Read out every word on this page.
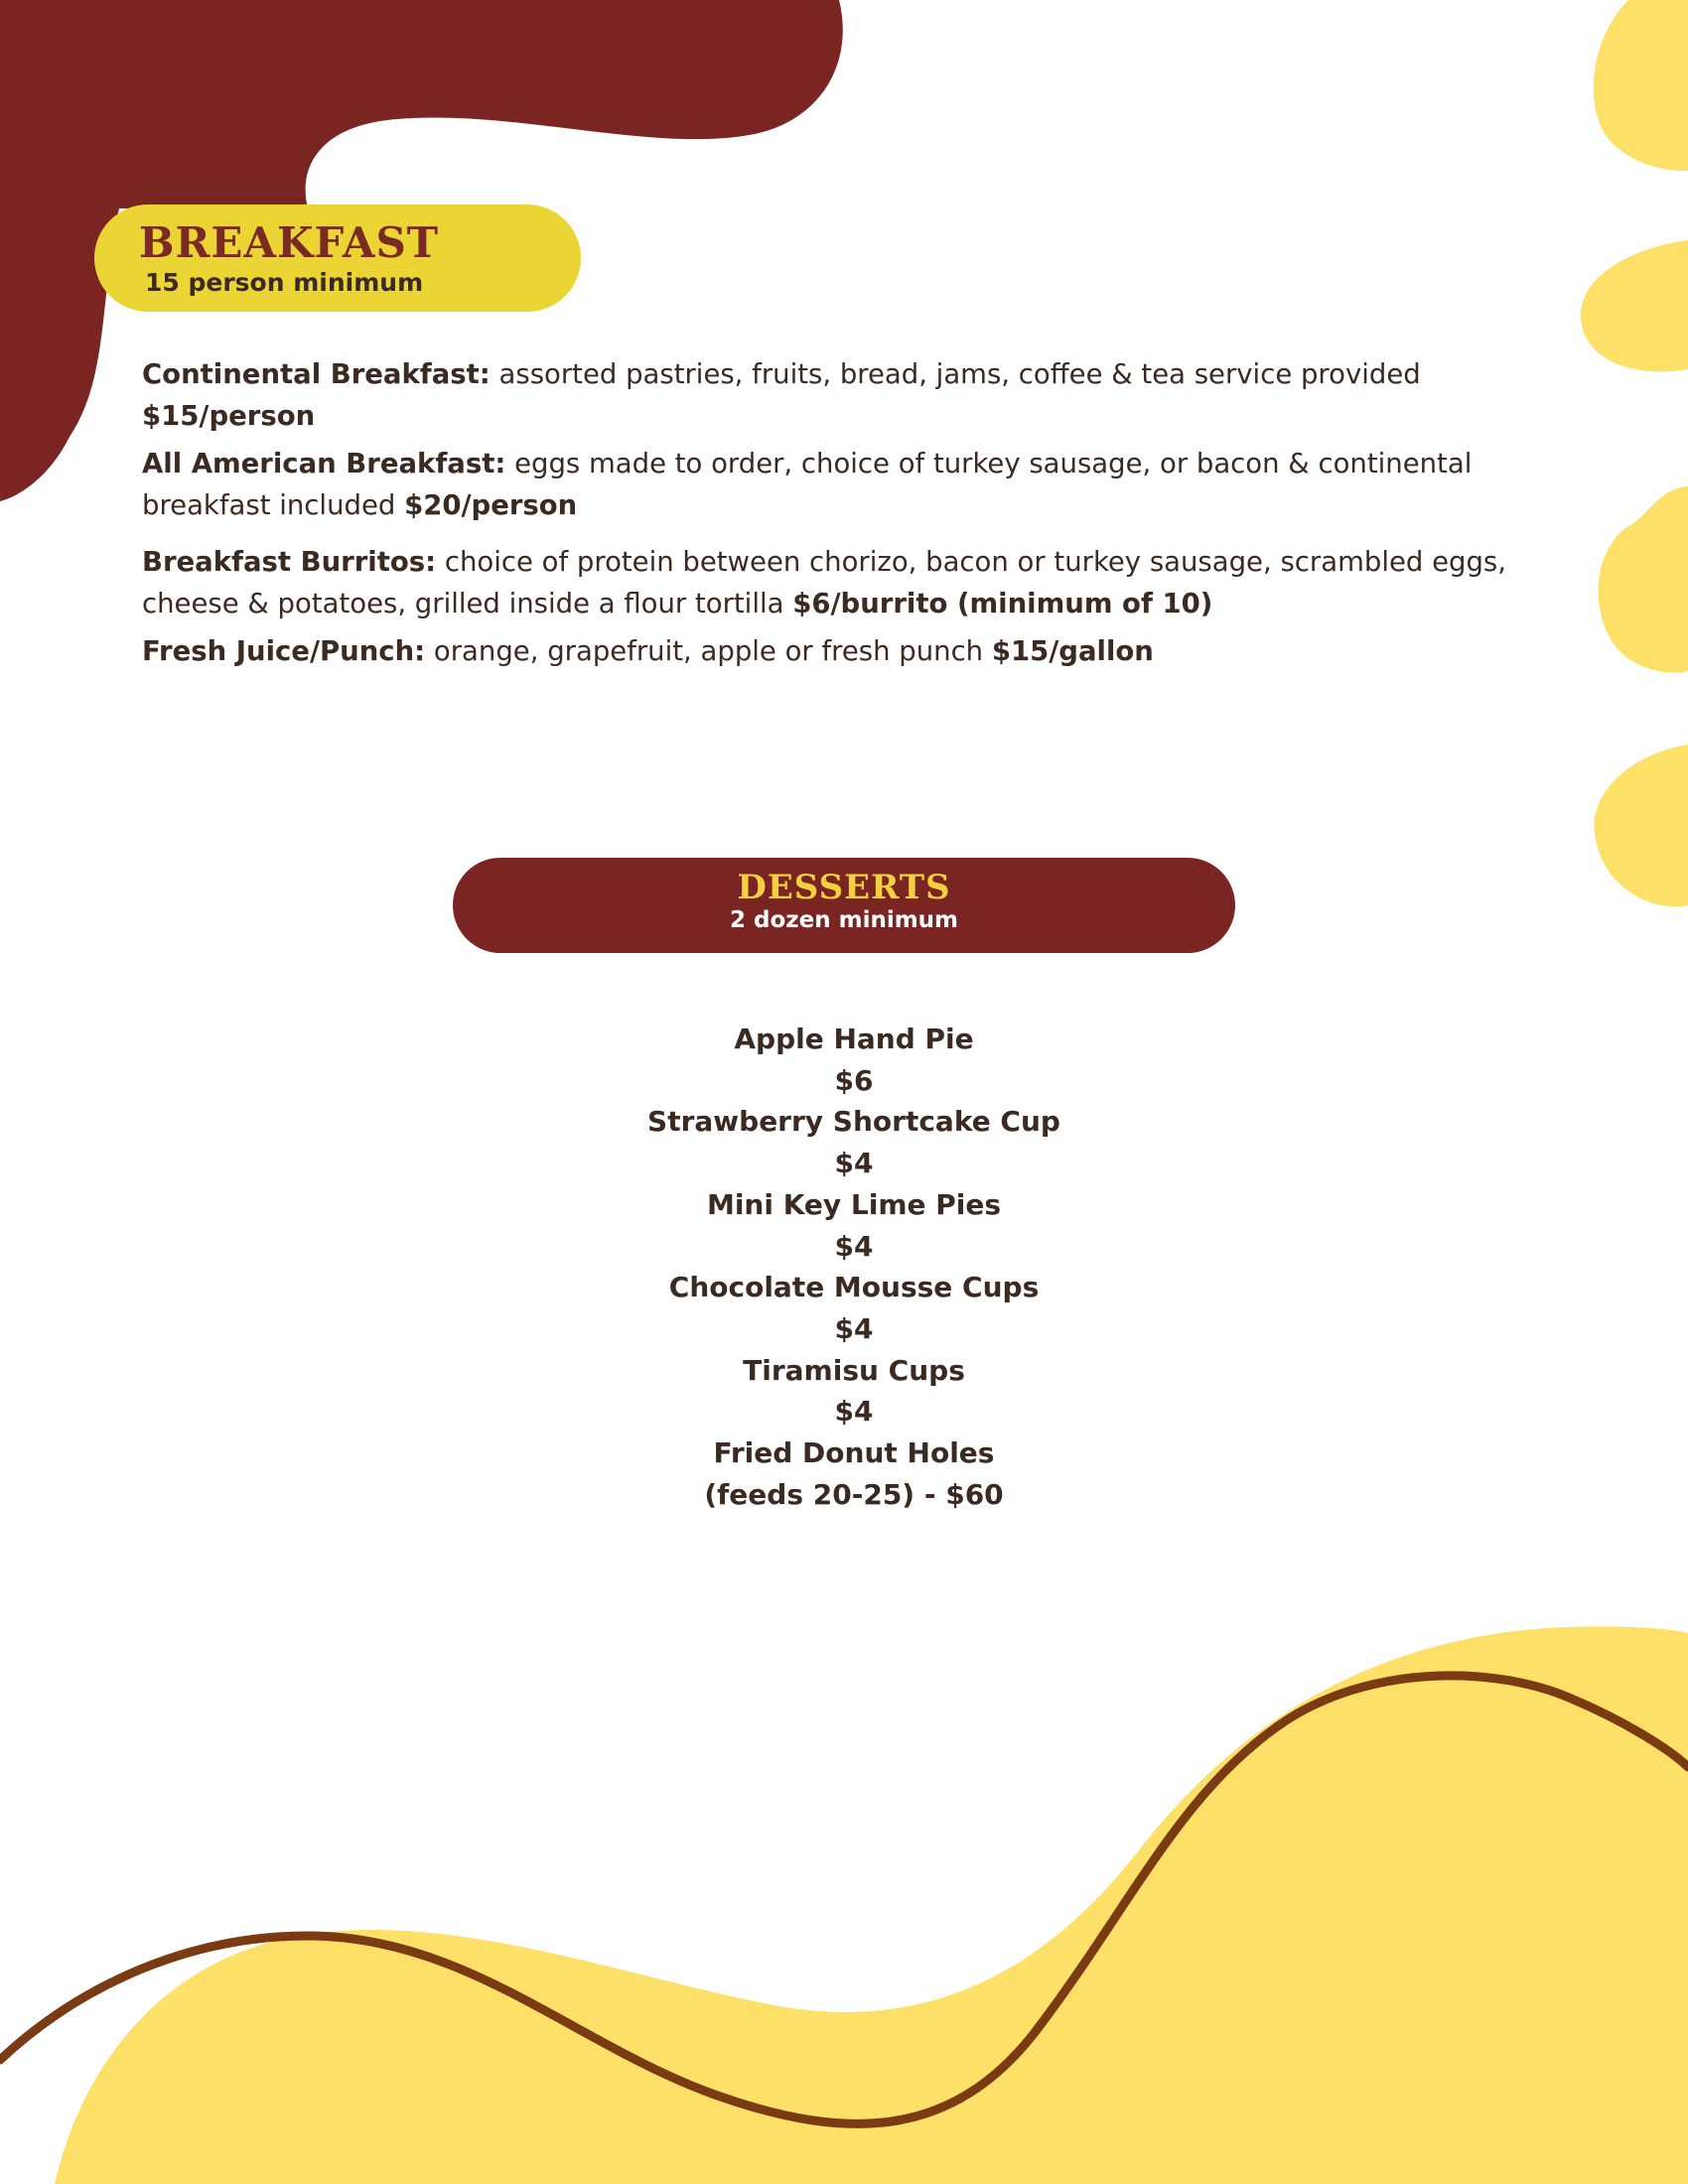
BREAKFAST
15 person minimum
Continental Breakfast: assorted pastries, fruits, bread, jams, coffee & tea service provided
$15/person
All American Breakfast: eggs made to order, choice of turkey sausage, or bacon & continental breakfast included $20/person
Breakfast Burritos: choice of protein between chorizo, bacon or turkey sausage, scrambled eggs, cheese & potatoes, grilled inside a flour tortilla $6/burrito (minimum of 10)
Fresh Juice/Punch: orange, grapefruit, apple or fresh punch $15/gallon
DESSERTS
2 dozen minimum
Apple Hand Pie
$6
Strawberry Shortcake Cup
$4
Mini Key Lime Pies
$4
Chocolate Mousse Cups
$4
Tiramisu Cups
$4
Fried Donut Holes
(feeds 20-25) - $60
